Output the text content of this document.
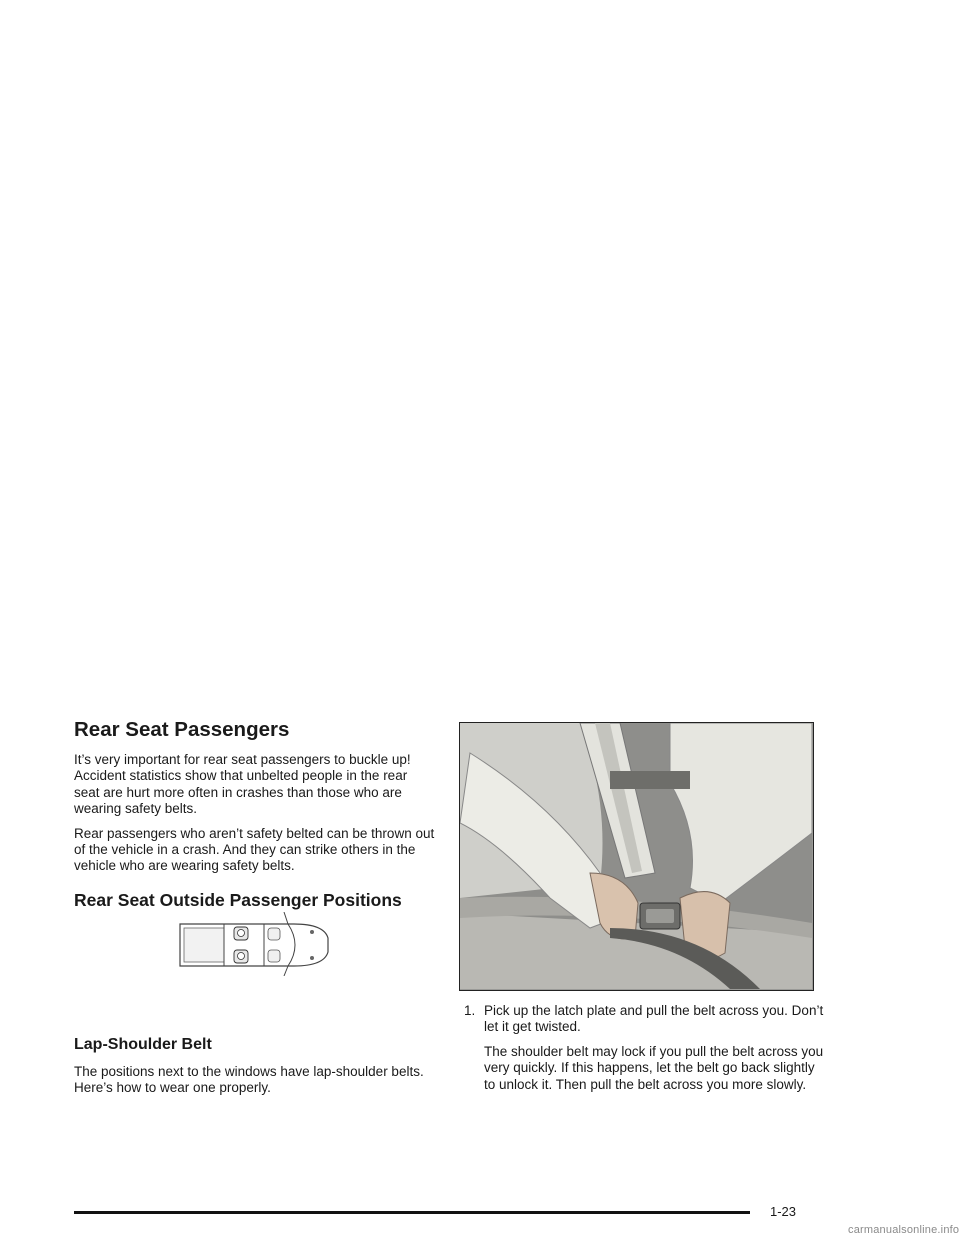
Rear Seat Passengers

It’s very important for rear seat passengers to buckle up! Accident statistics show that unbelted people in the rear seat are hurt more often in crashes than those who are wearing safety belts.

Rear passengers who aren’t safety belted can be thrown out of the vehicle in a crash. And they can strike others in the vehicle who are wearing safety belts.

Rear Seat Outside Passenger Positions
Lap-Shoulder Belt

The positions next to the windows have lap-shoulder belts. Here’s how to wear one properly.

1. Pick up the latch plate and pull the belt across you. Don’t let it get twisted.
The shoulder belt may lock if you pull the belt across you very quickly. If this happens, let the belt go back slightly to unlock it. Then pull the belt across you more slowly.
1-23
carmanualsonline.info
